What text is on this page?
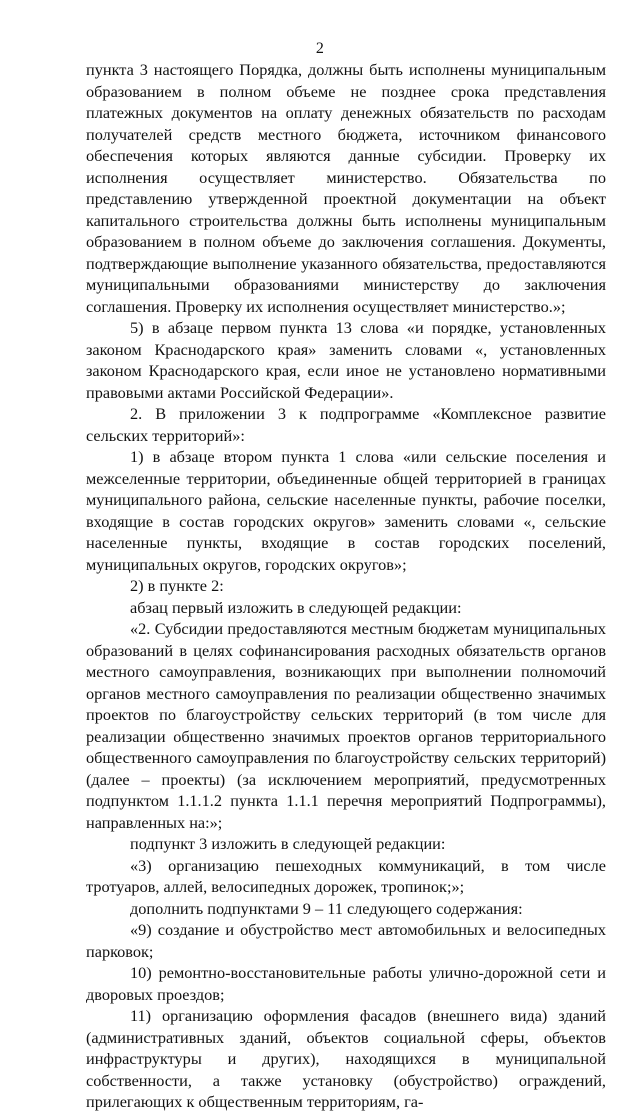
2

пункта 3 настоящего Порядка, должны быть исполнены муниципальным образованием в полном объеме не позднее срока представления платежных документов на оплату денежных обязательств по расходам получателей средств местного бюджета, источником финансового обеспечения которых являются данные субсидии. Проверку их исполнения осуществляет министерство. Обязательства по представлению утвержденной проектной документации на объект капитального строительства должны быть исполнены муниципальным образованием в полном объеме до заключения соглашения. Документы, подтверждающие выполнение указанного обязательства, предоставляются муниципальными образованиями министерству до заключения соглашения. Проверку их исполнения осуществляет министерство.»;

5) в абзаце первом пункта 13 слова «и порядке, установленных законом Краснодарского края» заменить словами «, установленных законом Краснодарского края, если иное не установлено нормативными правовыми актами Российской Федерации».

2. В приложении 3 к подпрограмме «Комплексное развитие сельских территорий»:

1) в абзаце втором пункта 1 слова «или сельские поселения и межселенные территории, объединенные общей территорией в границах муниципального района, сельские населенные пункты, рабочие поселки, входящие в состав городских округов» заменить словами «, сельские населенные пункты, входящие в состав городских поселений, муниципальных округов, городских округов»;

2) в пункте 2:

абзац первый изложить в следующей редакции:

«2. Субсидии предоставляются местным бюджетам муниципальных образований в целях софинансирования расходных обязательств органов местного самоуправления, возникающих при выполнении полномочий органов местного самоуправления по реализации общественно значимых проектов по благоустройству сельских территорий (в том числе для реализации общественно значимых проектов органов территориального общественного самоуправления по благоустройству сельских территорий) (далее – проекты) (за исключением мероприятий, предусмотренных подпунктом 1.1.1.2 пункта 1.1.1 перечня мероприятий Подпрограммы), направленных на:»;

подпункт 3 изложить в следующей редакции:

«3) организацию пешеходных коммуникаций, в том числе тротуаров, аллей, велосипедных дорожек, тропинок;»;

дополнить подпунктами 9 – 11 следующего содержания:

«9) создание и обустройство мест автомобильных и велосипедных парковок;

10) ремонтно-восстановительные работы улично-дорожной сети и дворовых проездов;

11) организацию оформления фасадов (внешнего вида) зданий (административных зданий, объектов социальной сферы, объектов инфраструктуры и других), находящихся в муниципальной собственности, а также установку (обустройство) ограждений, прилегающих к общественным территориям, га-
